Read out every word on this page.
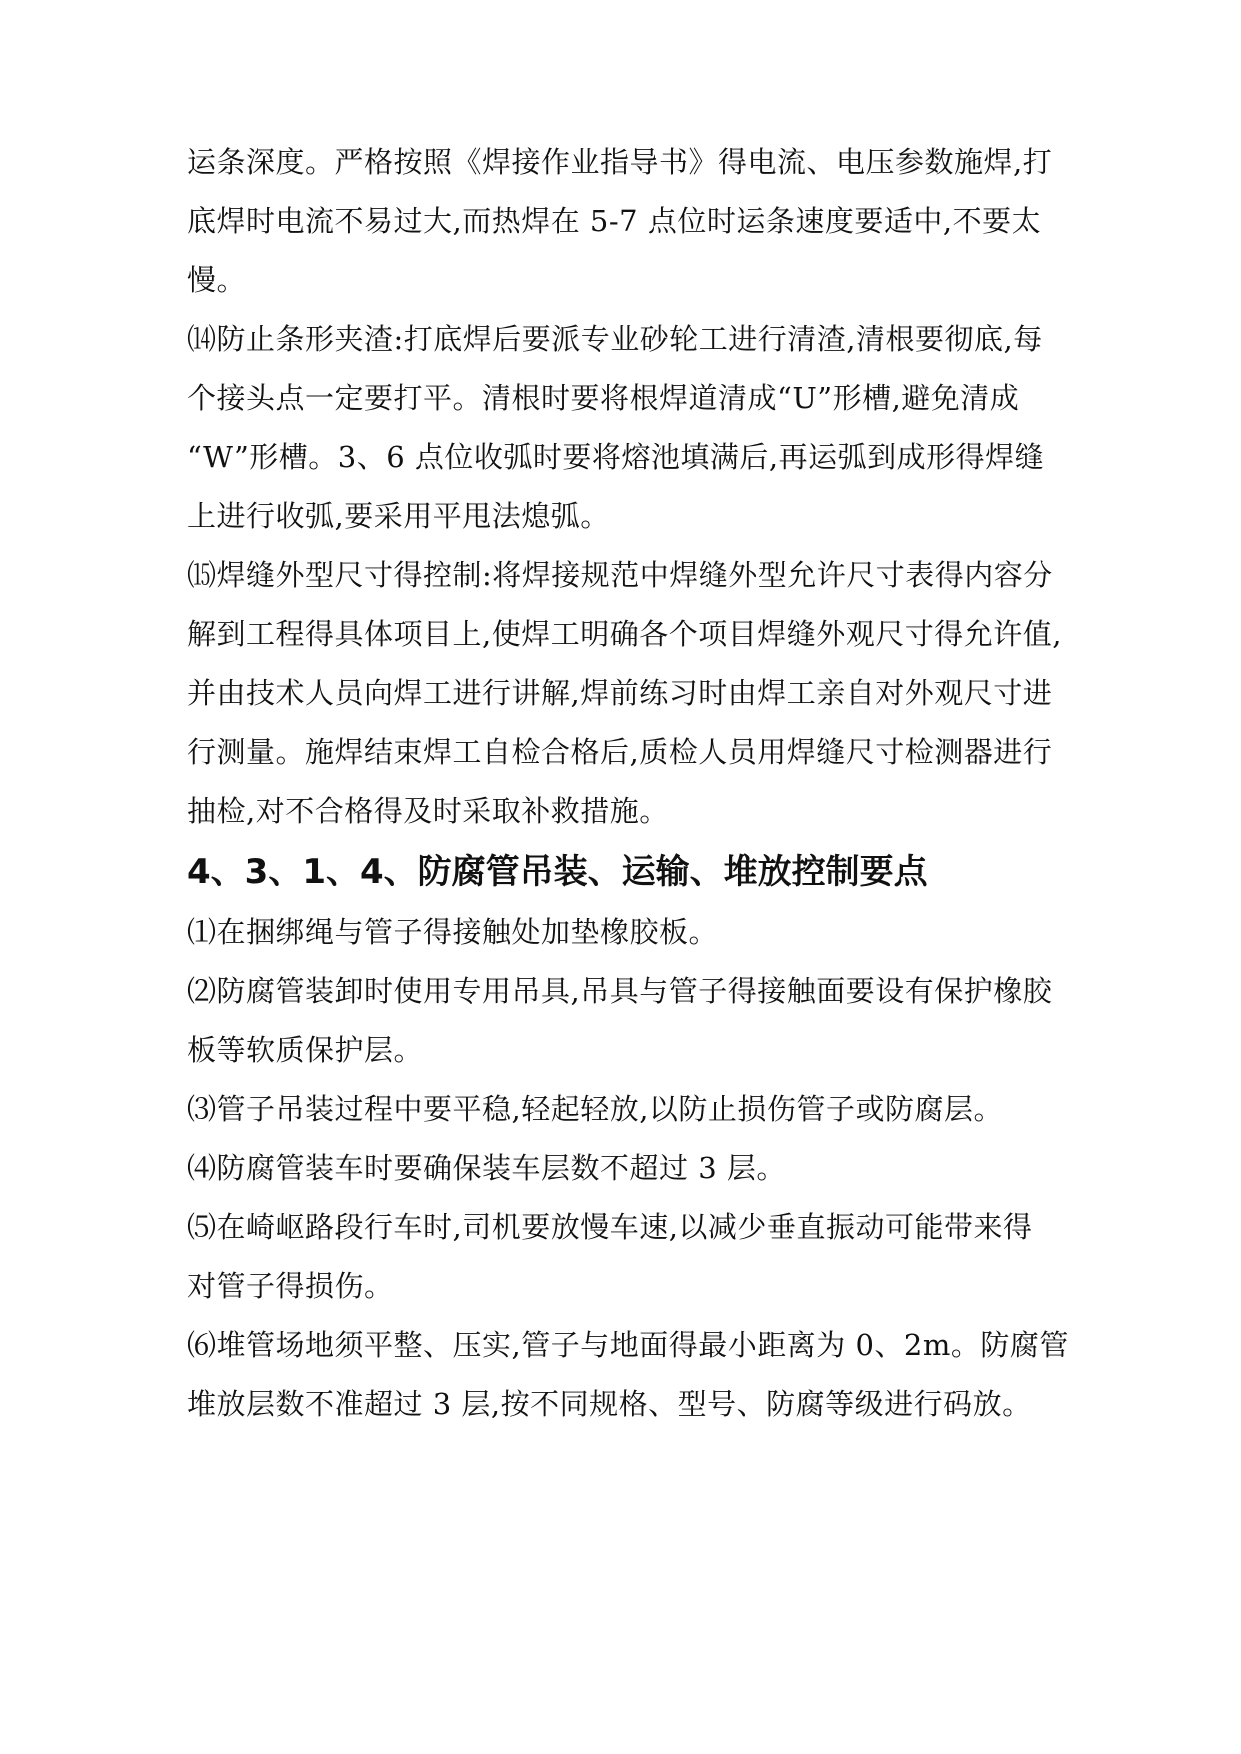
运条深度。严格按照《焊接作业指导书》得电流、电压参数施焊,打
底焊时电流不易过大,而热焊在 5-7 点位时运条速度要适中,不要太
慢。
⒁防止条形夹渣:打底焊后要派专业砂轮工进行清渣,清根要彻底,每
个接头点一定要打平。清根时要将根焊道清成“U”形槽,避免清成
“W”形槽。3、6 点位收弧时要将熔池填满后,再运弧到成形得焊缝
上进行收弧,要采用平甩法熄弧。
⒂焊缝外型尺寸得控制:将焊接规范中焊缝外型允许尺寸表得内容分
解到工程得具体项目上,使焊工明确各个项目焊缝外观尺寸得允许值,
并由技术人员向焊工进行讲解,焊前练习时由焊工亲自对外观尺寸进
行测量。施焊结束焊工自检合格后,质检人员用焊缝尺寸检测器进行
抽检,对不合格得及时采取补救措施。
4、3、1、4、防腐管吊装、运输、堆放控制要点
⑴在捆绑绳与管子得接触处加垫橡胶板。
⑵防腐管装卸时使用专用吊具,吊具与管子得接触面要设有保护橡胶
板等软质保护层。
⑶管子吊装过程中要平稳,轻起轻放,以防止损伤管子或防腐层。
⑷防腐管装车时要确保装车层数不超过 3 层。
⑸在崎岖路段行车时,司机要放慢车速,以减少垂直振动可能带来得
对管子得损伤。
⑹堆管场地须平整、压实,管子与地面得最小距离为 0、2m。防腐管
堆放层数不准超过 3 层,按不同规格、型号、防腐等级进行码放。
